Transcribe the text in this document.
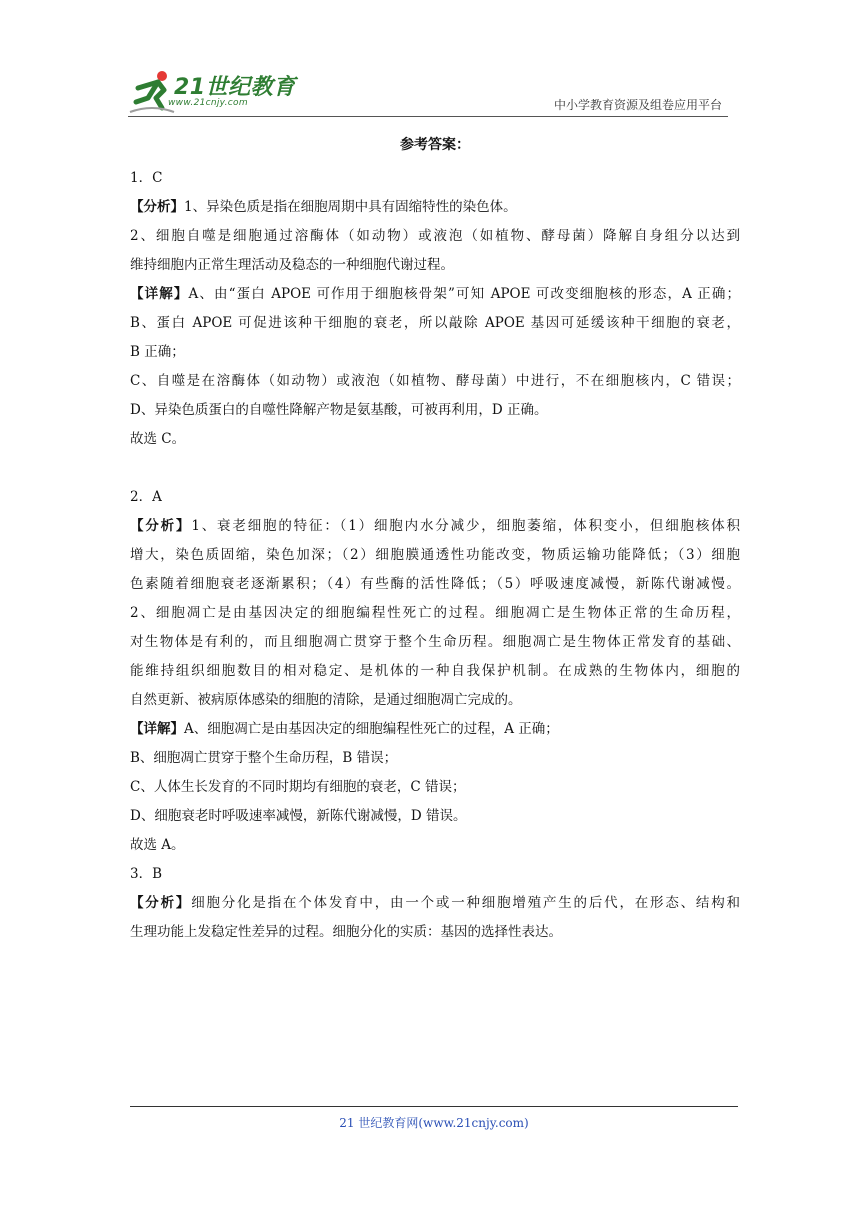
21世纪教育
www.21cnjy.com	中小学教育资源及组卷应用平台
参考答案：
1．C
【分析】1、异染色质是指在细胞周期中具有固缩特性的染色体。
2、细胞自噬是细胞通过溶酶体（如动物）或液泡（如植物、酵母菌）降解自身组分以达到
维持细胞内正常生理活动及稳态的一种细胞代谢过程。
【详解】A、由“蛋白 APOE 可作用于细胞核骨架”可知 APOE 可改变细胞核的形态，A 正确；
B、蛋白 APOE 可促进该种干细胞的衰老，所以敲除 APOE 基因可延缓该种干细胞的衰老，
B 正确；
C、自噬是在溶酶体（如动物）或液泡（如植物、酵母菌）中进行，不在细胞核内，C 错误；
D、异染色质蛋白的自噬性降解产物是氨基酸，可被再利用，D 正确。
故选 C。
2．A
【分析】1、衰老细胞的特征：（1）细胞内水分减少，细胞萎缩，体积变小，但细胞核体积
增大，染色质固缩，染色加深；（2）细胞膜通透性功能改变，物质运输功能降低；（3）细胞
色素随着细胞衰老逐渐累积；（4）有些酶的活性降低；（5）呼吸速度减慢，新陈代谢减慢。
2、细胞凋亡是由基因决定的细胞编程性死亡的过程。细胞凋亡是生物体正常的生命历程，
对生物体是有利的，而且细胞凋亡贯穿于整个生命历程。细胞凋亡是生物体正常发育的基础、
能维持组织细胞数目的相对稳定、是机体的一种自我保护机制。在成熟的生物体内，细胞的
自然更新、被病原体感染的细胞的清除，是通过细胞凋亡完成的。
【详解】A、细胞凋亡是由基因决定的细胞编程性死亡的过程，A 正确；
B、细胞凋亡贯穿于整个生命历程，B 错误；
C、人体生长发育的不同时期均有细胞的衰老，C 错误；
D、细胞衰老时呼吸速率减慢，新陈代谢减慢，D 错误。
故选 A。
3．B
【分析】细胞分化是指在个体发育中，由一个或一种细胞增殖产生的后代，在形态、结构和
生理功能上发稳定性差异的过程。细胞分化的实质：基因的选择性表达。
21 世纪教育网(www.21cnjy.com)
